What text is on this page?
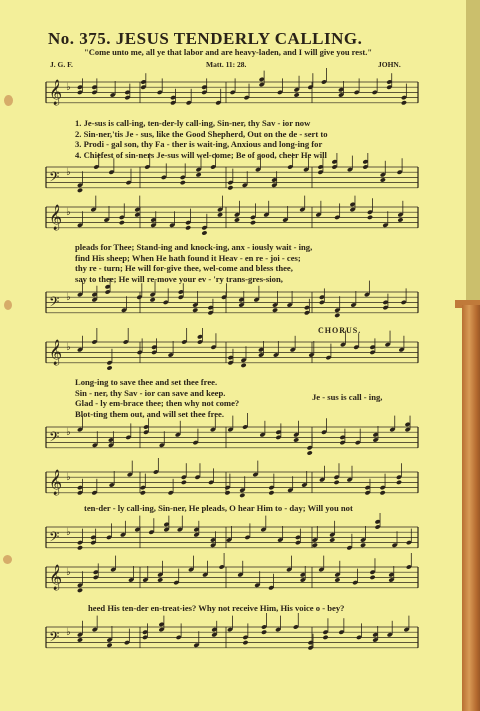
No. 375. JESUS TENDERLY CALLING.
"Come unto me, all ye that labor and are heavy-laden, and I will give you rest."
J. G. F.	Matt. 11: 28.	JOHN.
𝄞 ♭
𝄢 ♭
𝄞 ♭
𝄢 ♭
𝄞 ♭
𝄢 ♭
𝄞 ♭
𝄢 ♭
𝄞 ♭
𝄢 ♭
1. Je-sus is call-ing, ten-der-ly call-ing, Sin-ner, thy Sav - ior now
2. Sin-ner,'tis Je - sus, like the Good Shepherd, Out on the de - sert to
3. Prodi - gal son, thy Fa - ther is wait-ing, Anxious and long-ing for
4. Chiefest of sin-ners Je-sus will wel-come; Be of good, cheer He will
pleads for Thee; Stand-ing and knock-ing, anx - iously wait - ing,
find His sheep; When He hath found it Heav - en re - joi - ces;
thy re - turn; He will for-give thee, wel-come and bless thee,
say to thee; He will re-move your ev - 'ry trans-gres-sion,
CHORUS.
Long-ing to save thee and set thee free.
Sin - ner, thy Sav - ior can save and keep.
Glad - ly em-brace thee; then why not come?
Blot-ting them out, and will set thee free.
Je - sus is call - ing,
ten-der - ly call-ing, Sin-ner, He pleads, O hear Him to - day; Will you not
heed His ten-der en-treat-ies? Why not receive Him, His voice o - bey?
